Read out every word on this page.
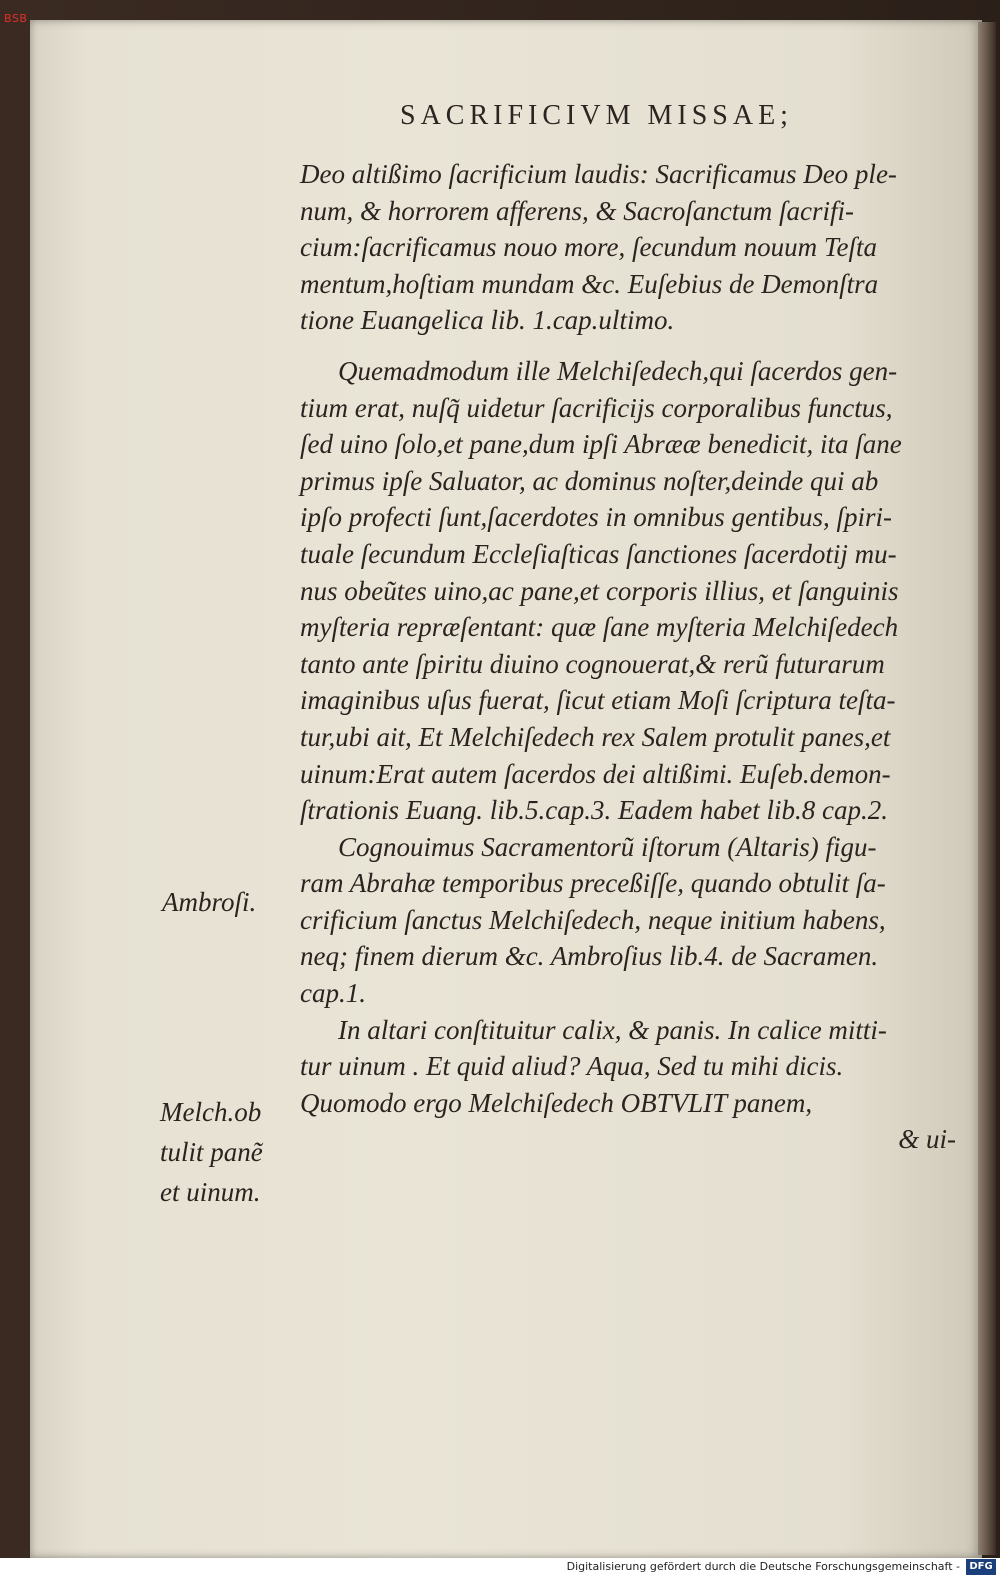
BSB
SACRIFICIVM MISSAE;
Deo altißimo ſacrificium laudis: Sacrificamus Deo ple-
num, & horrorem afferens, & Sacroſanctum ſacrifi-
cium:ſacrificamus nouo more, ſecundum nouum Teſta
mentum,hoſtiam mundam &c. Euſebius de Demonſtra
tione Euangelica lib. 1.cap.ultimo.
Quemadmodum ille Melchiſedech,qui ſacerdos gen-
tium erat, nuſq̃ uidetur ſacrificijs corporalibus functus,
ſed uino ſolo,et pane,dum ipſi Abrææ benedicit, ita ſane
primus ipſe Saluator, ac dominus noſter,deinde qui ab
ipſo profecti ſunt,ſacerdotes in omnibus gentibus, ſpiri-
tuale ſecundum Eccleſiaſticas ſanctiones ſacerdotij mu-
nus obeũtes uino,ac pane,et corporis illius, et ſanguinis
myſteria repræſentant: quæ ſane myſteria Melchiſedech
tanto ante ſpiritu diuino cognouerat,& rerũ futurarum
imaginibus uſus fuerat, ſicut etiam Moſi ſcriptura teſta-
tur,ubi ait, Et Melchiſedech rex Salem protulit panes,et
uinum:Erat autem ſacerdos dei altißimi. Euſeb.demon-
ſtrationis Euang. lib.5.cap.3. Eadem habet lib.8 cap.2.
Cognouimus Sacramentorũ iſtorum (Altaris) figu-
ram Abrahæ temporibus preceßiſſe, quando obtulit ſa-
crificium ſanctus Melchiſedech, neque initium habens,
neq; finem dierum &c. Ambroſius lib.4. de Sacramen.
cap.1.
In altari conſtituitur calix, & panis. In calice mitti-
tur uinum . Et quid aliud? Aqua, Sed tu mihi dicis.
Quomodo ergo Melchiſedech OBTVLIT panem,
& ui-
Ambroſi.
Melch.ob
tulit panẽ
et uinum.
Digitalisierung gefördert durch die Deutsche Forschungsgemeinschaft - DFG
